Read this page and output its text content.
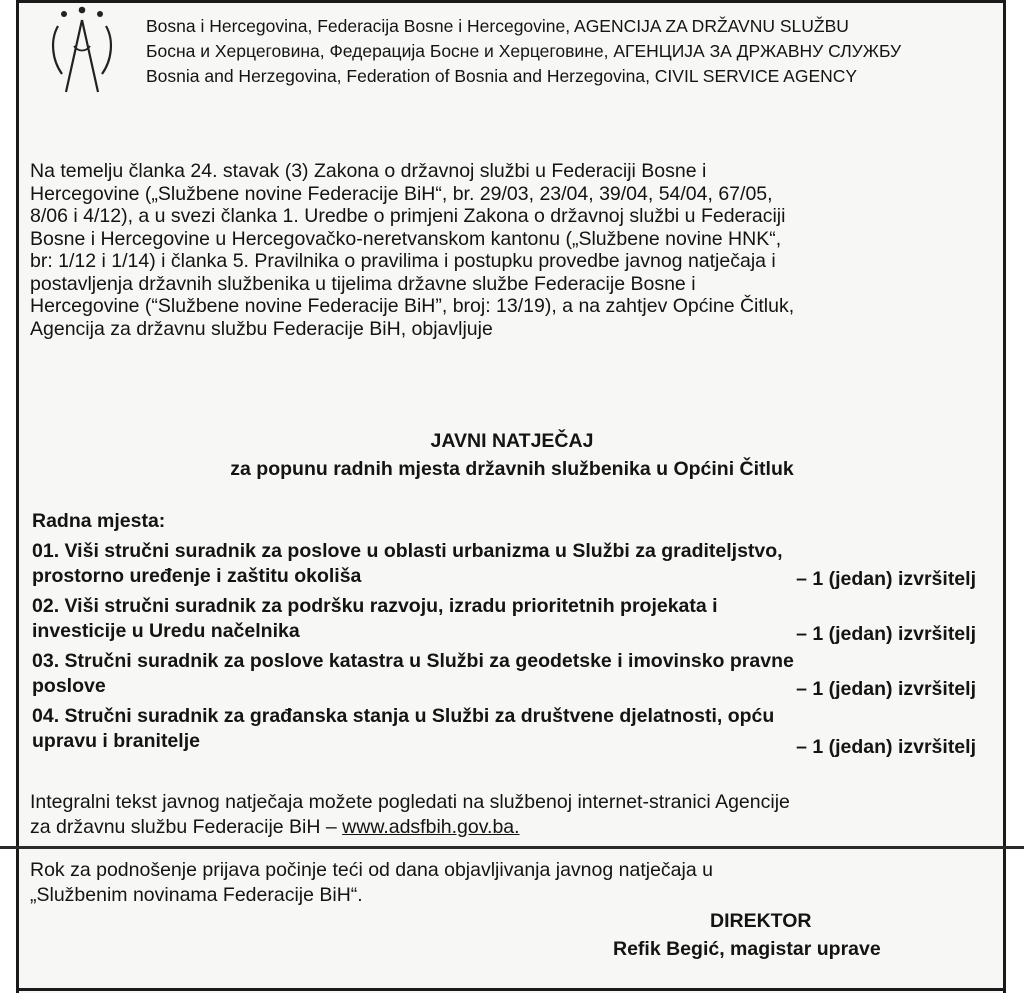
Bosna i Hercegovina, Federacija Bosne i Hercegovine, AGENCIJA ZA DRŽAVNU SLUŽBU
Босна и Херцеговина, Федерација Босне и Херцеговине, АГЕНЦИЈА ЗА ДРЖАВНУ СЛУЖБУ
Bosnia and Herzegovina, Federation of Bosnia and Herzegovina, CIVIL SERVICE AGENCY
Na temelju članka 24. stavak (3) Zakona o državnoj službi u Federaciji Bosne i
Hercegovine („Službene novine Federacije BiH“, br. 29/03, 23/04, 39/04, 54/04, 67/05,
8/06 i 4/12), a u svezi članka 1. Uredbe o primjeni Zakona o državnoj službi u Federaciji
Bosne i Hercegovine u Hercegovačko-neretvanskom kantonu („Službene novine HNK“,
br: 1/12 i 1/14) i članka 5. Pravilnika o pravilima i postupku provedbe javnog natječaja i
postavljenja državnih službenika u tijelima državne službe Federacije Bosne i
Hercegovine (“Službene novine Federacije BiH”, broj: 13/19), a na zahtjev Općine Čitluk,
Agencija za državnu službu Federacije BiH, objavljuje
JAVNI NATJEČAJ
za popunu radnih mjesta državnih službenika u Općini Čitluk
Radna mjesta:
01. Viši stručni suradnik za poslove u oblasti urbanizma u Službi za graditeljstvo,
prostorno uređenje i zaštitu okoliša	– 1 (jedan) izvršitelj
02. Viši stručni suradnik za podršku razvoju, izradu prioritetnih projekata i
investicije u Uredu načelnika	– 1 (jedan) izvršitelj
03. Stručni suradnik za poslove katastra u Službi za geodetske i imovinsko pravne
poslove	– 1 (jedan) izvršitelj
04. Stručni suradnik za građanska stanja u Službi za društvene djelatnosti, opću
upravu i branitelje	– 1 (jedan) izvršitelj
Integralni tekst javnog natječaja možete pogledati na službenoj internet-stranici Agencije
za državnu službu Federacije BiH – www.adsfbih.gov.ba.
Rok za podnošenje prijava počinje teći od dana objavljivanja javnog natječaja u
„Službenim novinama Federacije BiH“.
DIREKTOR
Refik Begić, magistar uprave
